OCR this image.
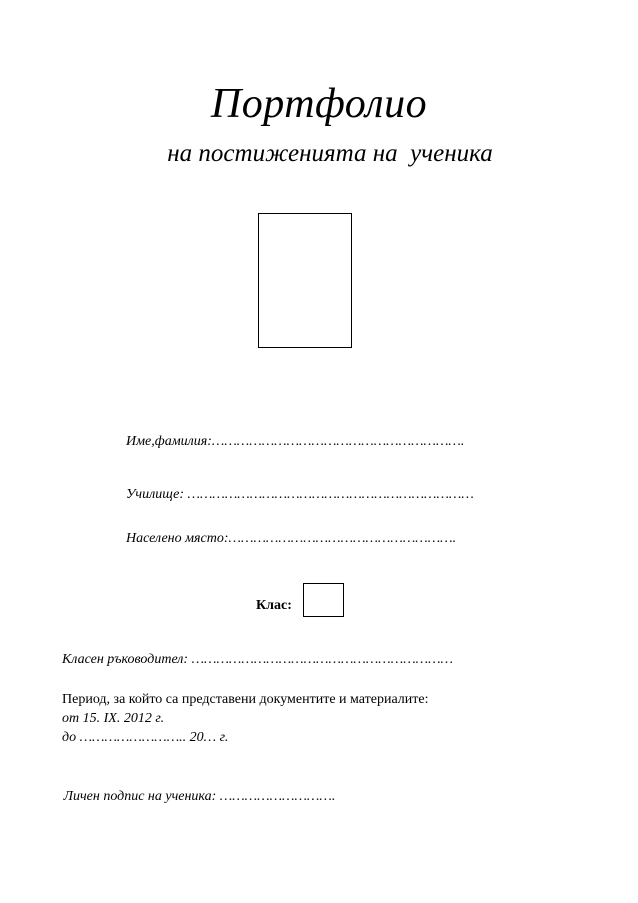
Портфолио
на постиженията на  ученика
Име,фамилия:…………………………………………………….
Училище: ……………………………………………………………
Населено място:……………………………………………….
Клас:
Класен ръководител: ………………………………………………………
Период, за който са представени документите и материалите:
от 15. IX. 2012 г.
до …………………….. 20… г.
Личен подпис на ученика: ……………………….
